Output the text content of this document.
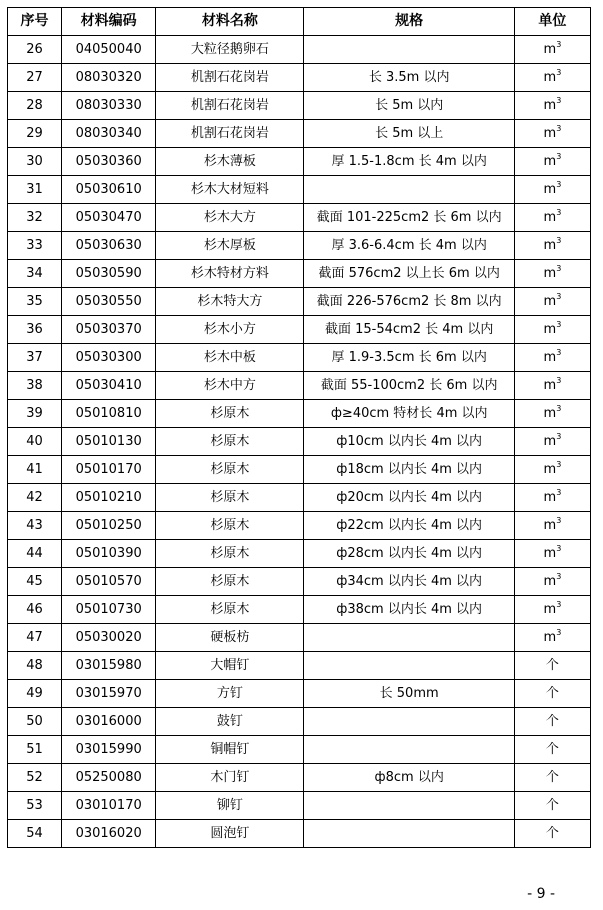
序号	材料编码	材料名称	规格	单位
26	04050040	大粒径鹅卵石		$m^3$
27	08030320	机割石花岗岩	长 3.5m 以内	$m^3$
28	08030330	机割石花岗岩	长 5m 以内	$m^3$
29	08030340	机割石花岗岩	长 5m 以上	$m^3$
30	05030360	杉木薄板	厚 1.5-1.8cm 长 4m 以内	$m^3$
31	05030610	杉木大材短料		$m^3$
32	05030470	杉木大方	截面 101-225cm2 长 6m 以内	$m^3$
33	05030630	杉木厚板	厚 3.6-6.4cm 长 4m 以内	$m^3$
34	05030590	杉木特材方料	截面 576cm2 以上长 6m 以内	$m^3$
35	05030550	杉木特大方	截面 226-576cm2 长 8m 以内	$m^3$
36	05030370	杉木小方	截面 15-54cm2 长 4m 以内	$m^3$
37	05030300	杉木中板	厚 1.9-3.5cm 长 6m 以内	$m^3$
38	05030410	杉木中方	截面 55-100cm2 长 6m 以内	$m^3$
39	05010810	杉原木	ф≥40cm 特材长 4m 以内	$m^3$
40	05010130	杉原木	ф10cm 以内长 4m 以内	$m^3$
41	05010170	杉原木	ф18cm 以内长 4m 以内	$m^3$
42	05010210	杉原木	ф20cm 以内长 4m 以内	$m^3$
43	05010250	杉原木	ф22cm 以内长 4m 以内	$m^3$
44	05010390	杉原木	ф28cm 以内长 4m 以内	$m^3$
45	05010570	杉原木	ф34cm 以内长 4m 以内	$m^3$
46	05010730	杉原木	ф38cm 以内长 4m 以内	$m^3$
47	05030020	硬板枋		$m^3$
48	03015980	大帽钉		个
49	03015970	方钉	长 50mm	个
50	03016000	鼓钉		个
51	03015990	铜帽钉		个
52	05250080	木门钉	ф8cm 以内	个
53	03010170	铆钉		个
54	03016020	圆泡钉		个
- 9 -
